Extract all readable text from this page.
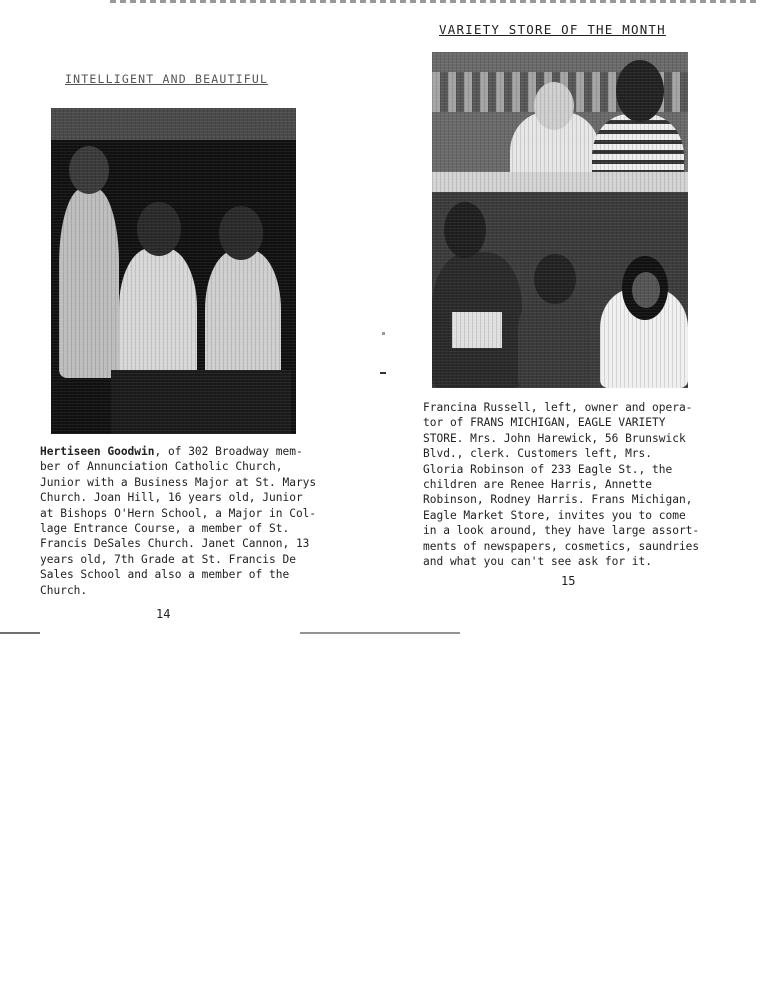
INTELLIGENT AND BEAUTIFUL
Hertiseen Goodwin, of 302 Broadway mem-
ber of Annunciation Catholic Church,
Junior with a Business Major at St. Marys
Church. Joan Hill, 16 years old, Junior
at Bishops O'Hern School, a Major in Col-
lage Entrance Course, a member of St.
Francis DeSales Church. Janet Cannon, 13
years old, 7th Grade at St. Francis De
Sales School and also a member of the
Church.
14
VARIETY STORE OF THE MONTH
Francina Russell, left, owner and opera-
tor of FRANS MICHIGAN, EAGLE VARIETY
STORE. Mrs. John Harewick, 56 Brunswick
Blvd., clerk. Customers left, Mrs.
Gloria Robinson of 233 Eagle St., the
children are Renee Harris, Annette
Robinson, Rodney Harris. Frans Michigan,
Eagle Market Store, invites you to come
in a look around, they have large assort-
ments of newspapers, cosmetics, saundries
and what you can't see ask for it.
15
